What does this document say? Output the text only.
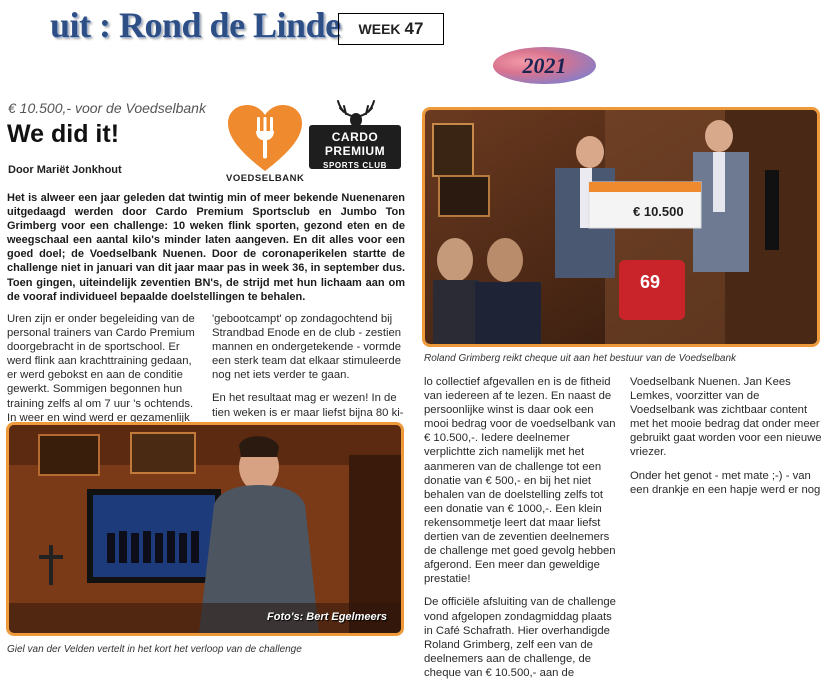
uit : Rond de Linde WEEK 47
2021
€ 10.500,- voor de Voedselbank
We did it!
Door Mariët Jonkhout
VOEDSELBANK
CARDO PREMIUM
SPORTS CLUB
Het is alweer een jaar geleden dat twintig min of meer bekende Nuenenaren uitgedaagd werden door Cardo Premium Sportsclub en Jumbo Ton Grimberg voor een challenge: 10 weken flink sporten, gezond eten en de weegschaal een aantal kilo's minder laten aangeven. En dit alles voor een goed doel; de Voedselbank Nuenen. Door de coronaperikelen startte de challenge niet in januari van dit jaar maar pas in week 36, in september dus. Toen gingen, uiteindelijk zeventien BN's, de strijd met hun lichaam aan om de vooraf individueel bepaalde doelstellingen te behalen.

Uren zijn er onder begeleiding van de personal trainers van Cardo Premium doorgebracht in de sportschool. Er werd flink aan krachttraining gedaan, er werd gebokst en aan de conditie gewerkt. Sommigen begonnen hun training zelfs al om 7 uur 's ochtends. In weer en wind werd er gezamenlijk

'gebootcampt' op zondagochtend bij Strandbad Enode en de club - zestien mannen en ondergetekende - vormde een sterk team dat elkaar stimuleerde nog net iets verder te gaan.

En het resultaat mag er wezen! In de tien weken is er maar liefst bijna 80 ki-

lo collectief afgevallen en is de fitheid van iedereen af te lezen. En naast de persoonlijke winst is daar ook een mooi bedrag voor de voedselbank van € 10.500,-. Iedere deelnemer verplichtte zich namelijk met het aanmeren van de challenge tot een donatie van € 500,- en bij het niet behalen van de doelstelling zelfs tot een donatie van € 1000,-. Een klein rekensommetje leert dat maar liefst dertien van de zeventien deelnemers de challenge met goed gevolg hebben afgerond. Een meer dan geweldige prestatie!

De officiële afsluiting van de challenge vond afgelopen zondagmiddag plaats in Café Schafrath. Hier overhandigde Roland Grimberg, zelf een van de deelnemers aan de challenge, de cheque van € 10.500,- aan de

Voedselbank Nuenen. Jan Kees Lemkes, voorzitter van de Voedselbank was zichtbaar content met het mooie bedrag dat onder meer gebruikt gaat worden voor een nieuwe vriezer.

Onder het genot - met mate ;-) - van een drankje en een hapje werd er nog

€ 10.500
69
Roland Grimberg reikt cheque uit aan het bestuur van de Voedselbank
Foto's: Bert Egelmeers
Giel van der Velden vertelt in het kort het verloop van de challenge
